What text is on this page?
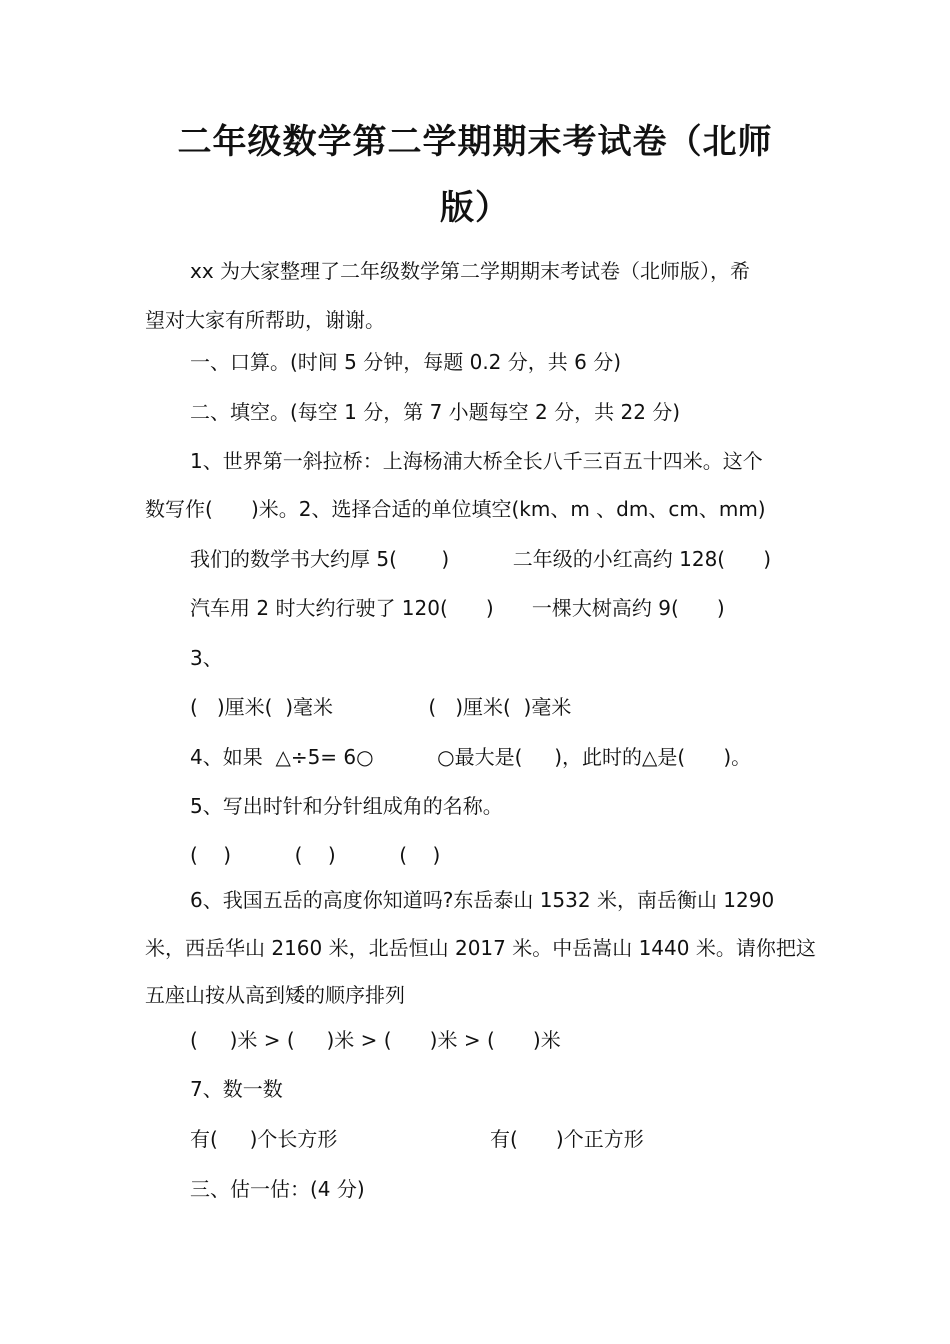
二年级数学第二学期期末考试卷（北师
版）
xx 为大家整理了二年级数学第二学期期末考试卷（北师版），希
望对大家有所帮助，谢谢。
一、口算。(时间 5 分钟，每题 0.2 分，共 6 分)
二、填空。(每空 1 分，第 7 小题每空 2 分，共 22 分)
1、世界第一斜拉桥：上海杨浦大桥全长八千三百五十四米。这个
数写作(      )米。2、选择合适的单位填空(km、m 、dm、cm、mm)
我们的数学书大约厚 5(       )          二年级的小红高约 128(      )
汽车用 2 时大约行驶了 120(      )      一棵大树高约 9(      )
3、
(   )厘米(  )毫米               (   )厘米(  )毫米
4、如果  △÷5= 6○          ○最大是(     )，此时的△是(      )。
5、写出时针和分针组成角的名称。
(    )          (    )          (    )
6、我国五岳的高度你知道吗?东岳泰山 1532 米，南岳衡山 1290
米，西岳华山 2160 米，北岳恒山 2017 米。中岳嵩山 1440 米。请你把这
五座山按从高到矮的顺序排列
(     )米 > (     )米 > (      )米 > (      )米
7、数一数
有(     )个长方形                        有(      )个正方形
三、估一估：(4 分)
